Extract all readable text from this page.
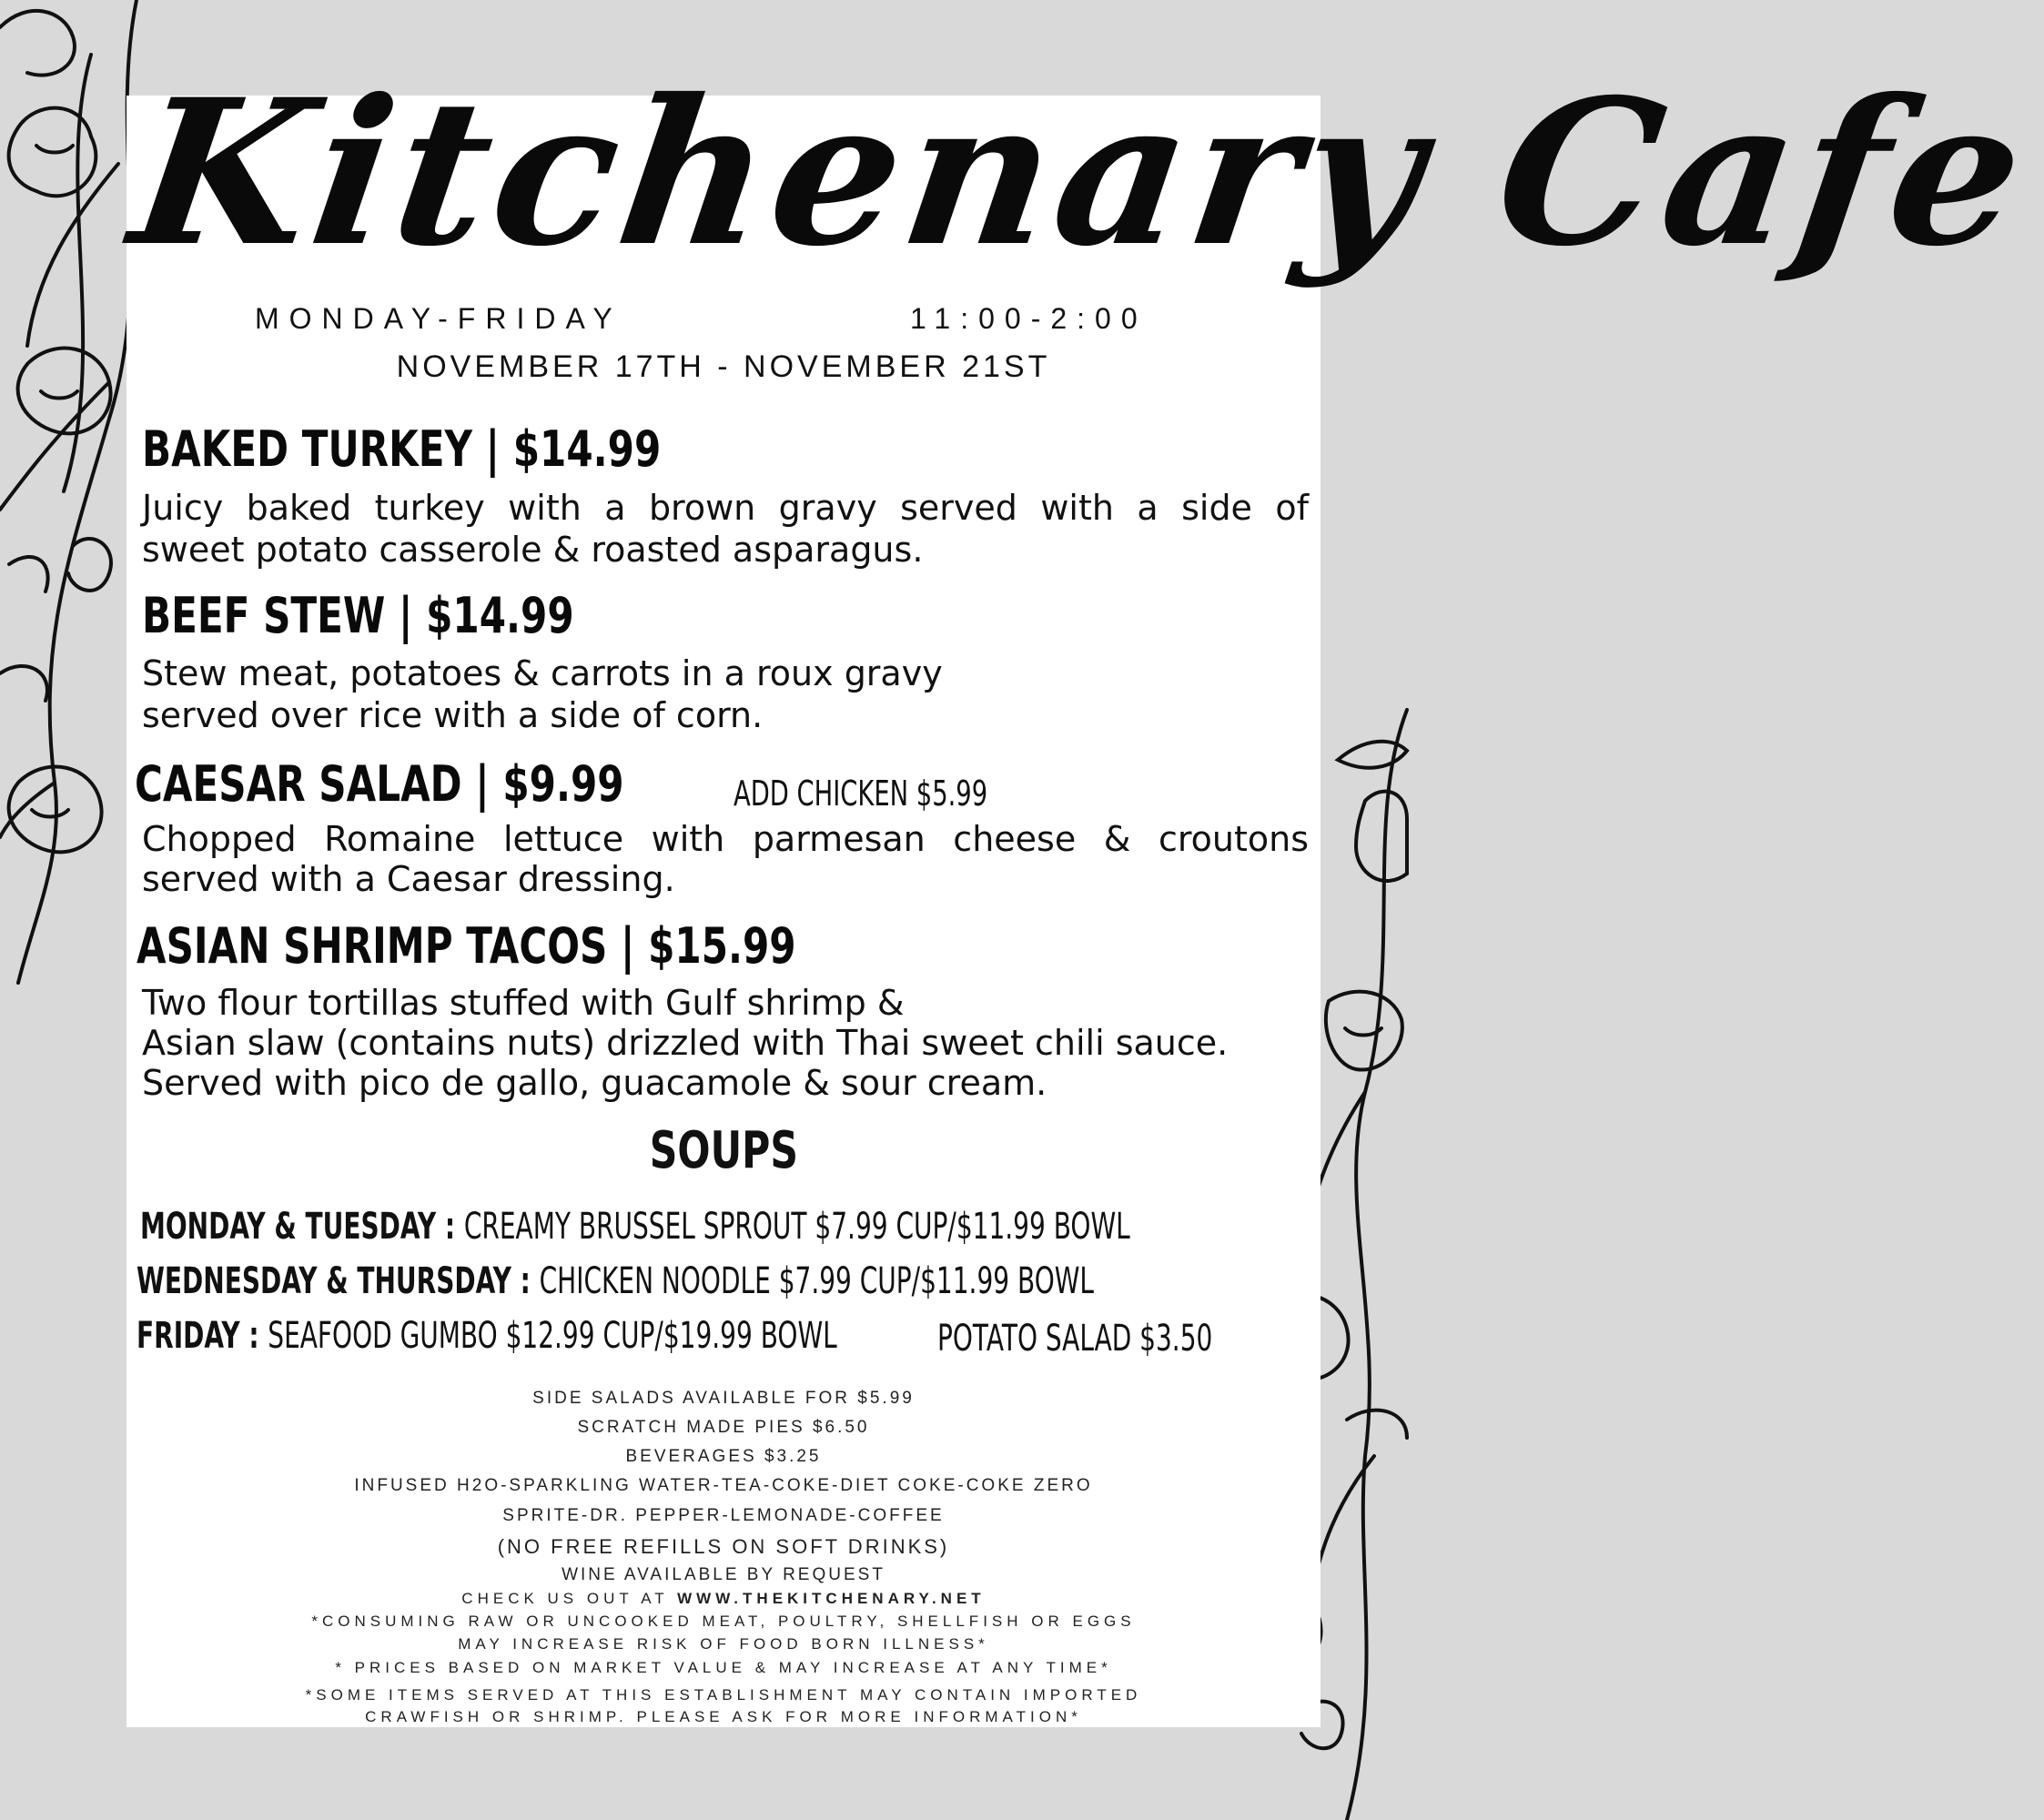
Kitchenary Cafe
MONDAY-FRIDAY	11:00-2:00
NOVEMBER 17TH - NOVEMBER 21ST
BAKED TURKEY | $14.99
Juicy baked turkey with a brown gravy served with a side of
sweet potato casserole & roasted asparagus.
BEEF STEW | $14.99
Stew meat, potatoes & carrots in a roux gravy
served over rice with a side of corn.
CAESAR SALAD | $9.99	ADD CHICKEN $5.99
Chopped Romaine lettuce with parmesan cheese & croutons
served with a Caesar dressing.
ASIAN SHRIMP TACOS | $15.99
Two flour tortillas stuffed with Gulf shrimp &
Asian slaw (contains nuts) drizzled with Thai sweet chili sauce.
Served with pico de gallo, guacamole & sour cream.
SOUPS
MONDAY & TUESDAY : CREAMY BRUSSEL SPROUT $7.99 CUP/$11.99 BOWL
WEDNESDAY & THURSDAY : CHICKEN NOODLE $7.99 CUP/$11.99 BOWL
FRIDAY : SEAFOOD GUMBO $12.99 CUP/$19.99 BOWL	POTATO SALAD $3.50
SIDE SALADS AVAILABLE FOR $5.99
SCRATCH MADE PIES $6.50
BEVERAGES $3.25
INFUSED H2O-SPARKLING WATER-TEA-COKE-DIET COKE-COKE ZERO
SPRITE-DR. PEPPER-LEMONADE-COFFEE
(NO FREE REFILLS ON SOFT DRINKS)
WINE AVAILABLE BY REQUEST
CHECK US OUT AT WWW.THEKITCHENARY.NET
*CONSUMING RAW OR UNCOOKED MEAT, POULTRY, SHELLFISH OR EGGS
MAY INCREASE RISK OF FOOD BORN ILLNESS*
* PRICES BASED ON MARKET VALUE & MAY INCREASE AT ANY TIME*
*SOME ITEMS SERVED AT THIS ESTABLISHMENT MAY CONTAIN IMPORTED
CRAWFISH OR SHRIMP. PLEASE ASK FOR MORE INFORMATION*
